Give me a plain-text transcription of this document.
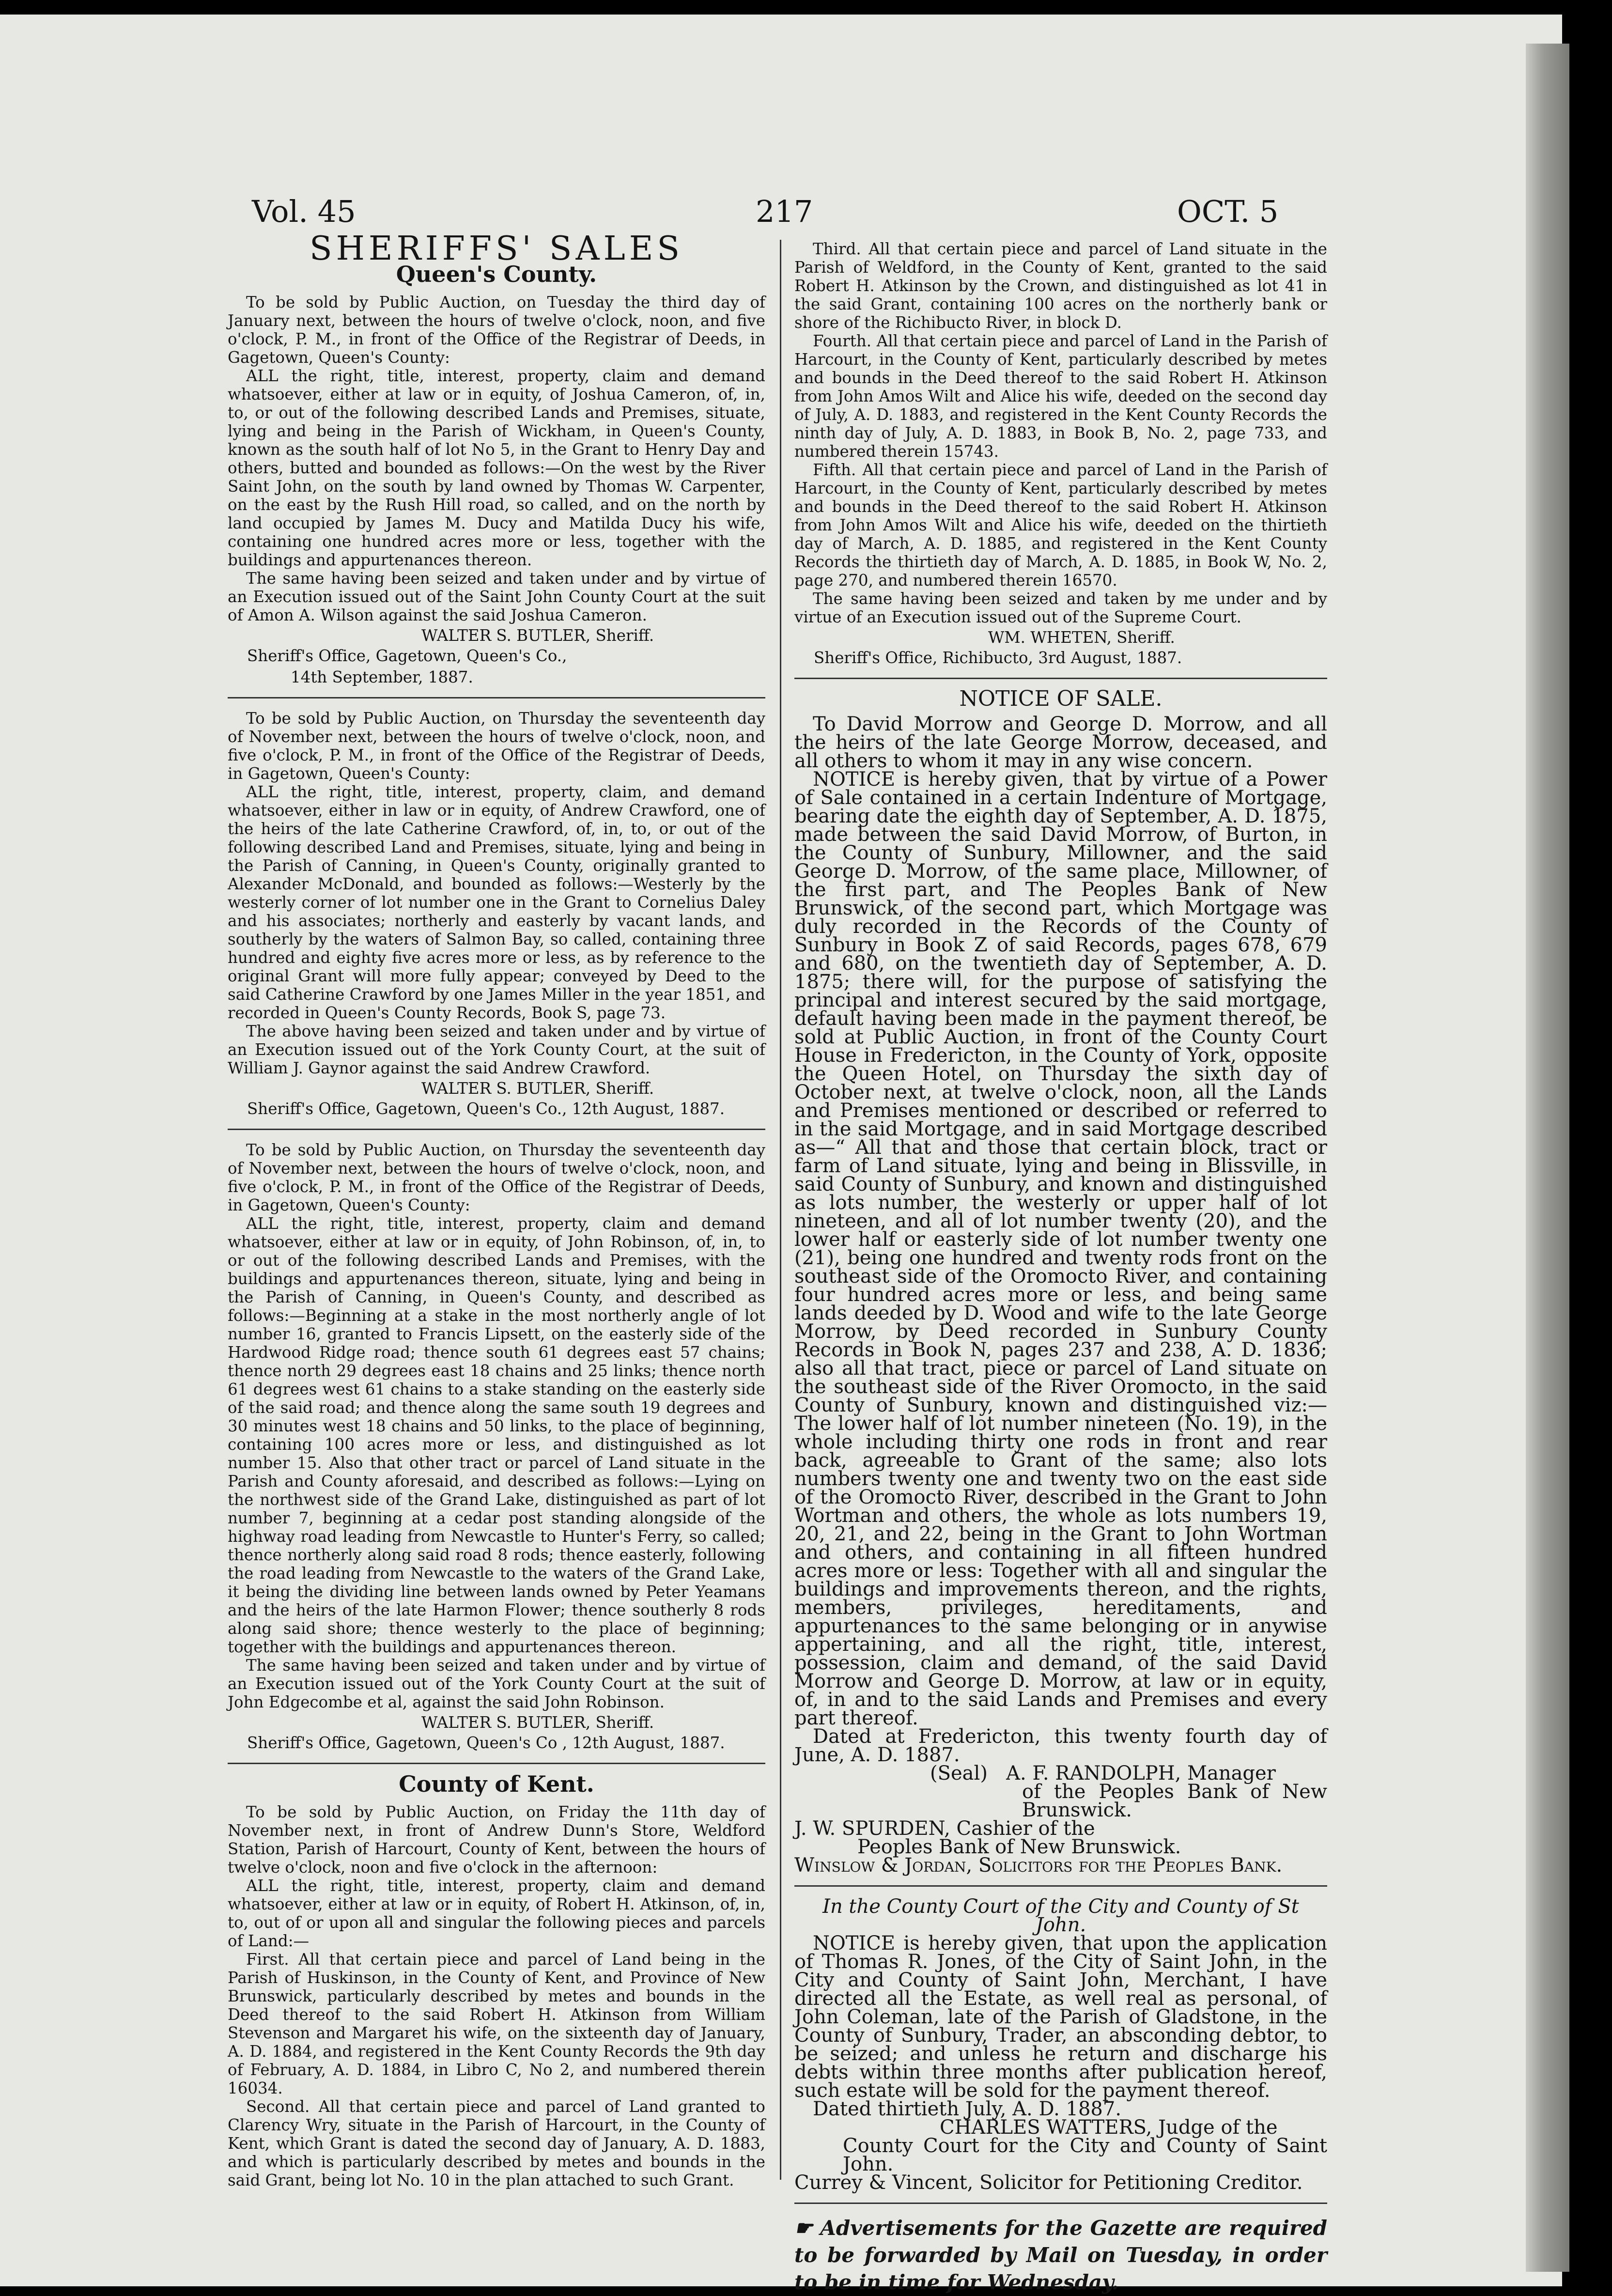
Vol. 45	217	OCT. 5
SHERIFFS' SALES
Queen's County.

To be sold by Public Auction, on Tuesday the third day of January next, between the hours of twelve o'clock, noon, and five o'clock, P. M., in front of the Office of the Registrar of Deeds, in Gagetown, Queen's County:

ALL the right, title, interest, property, claim and demand whatsoever, either at law or in equity, of Joshua Cameron, of, in, to, or out of the following described Lands and Premises, situate, lying and being in the Parish of Wickham, in Queen's County, known as the south half of lot No 5, in the Grant to Henry Day and others, butted and bounded as follows:—On the west by the River Saint John, on the south by land owned by Thomas W. Carpenter, on the east by the Rush Hill road, so called, and on the north by land occupied by James M. Ducy and Matilda Ducy his wife, containing one hundred acres more or less, together with the buildings and appurtenances thereon.

The same having been seized and taken under and by virtue of an Execution issued out of the Saint John County Court at the suit of Amon A. Wilson against the said Joshua Cameron.

WALTER S. BUTLER, Sheriff.
Sheriff's Office, Gagetown, Queen's Co.,
14th September, 1887.

To be sold by Public Auction, on Thursday the seventeenth day of November next, between the hours of twelve o'clock, noon, and five o'clock, P. M., in front of the Office of the Registrar of Deeds, in Gagetown, Queen's County:

ALL the right, title, interest, property, claim, and demand whatsoever, either in law or in equity, of Andrew Crawford, one of the heirs of the late Catherine Crawford, of, in, to, or out of the following described Land and Premises, situate, lying and being in the Parish of Canning, in Queen's County, originally granted to Alexander McDonald, and bounded as follows:—Westerly by the westerly corner of lot number one in the Grant to Cornelius Daley and his associates; northerly and easterly by vacant lands, and southerly by the waters of Salmon Bay, so called, containing three hundred and eighty five acres more or less, as by reference to the original Grant will more fully appear; conveyed by Deed to the said Catherine Crawford by one James Miller in the year 1851, and recorded in Queen's County Records, Book S, page 73.

The above having been seized and taken under and by virtue of an Execution issued out of the York County Court, at the suit of William J. Gaynor against the said Andrew Crawford.

WALTER S. BUTLER, Sheriff.
Sheriff's Office, Gagetown, Queen's Co., 12th August, 1887.

To be sold by Public Auction, on Thursday the seventeenth day of November next, between the hours of twelve o'clock, noon, and five o'clock, P. M., in front of the Office of the Registrar of Deeds, in Gagetown, Queen's County:

ALL the right, title, interest, property, claim and demand whatsoever, either at law or in equity, of John Robinson, of, in, to or out of the following described Lands and Premises, with the buildings and appurtenances thereon, situate, lying and being in the Parish of Canning, in Queen's County, and described as follows:—Beginning at a stake in the most northerly angle of lot number 16, granted to Francis Lipsett, on the easterly side of the Hardwood Ridge road; thence south 61 degrees east 57 chains; thence north 29 degrees east 18 chains and 25 links; thence north 61 degrees west 61 chains to a stake standing on the easterly side of the said road; and thence along the same south 19 degrees and 30 minutes west 18 chains and 50 links, to the place of beginning, containing 100 acres more or less, and distinguished as lot number 15. Also that other tract or parcel of Land situate in the Parish and County aforesaid, and described as follows:—Lying on the northwest side of the Grand Lake, distinguished as part of lot number 7, beginning at a cedar post standing alongside of the highway road leading from Newcastle to Hunter's Ferry, so called; thence northerly along said road 8 rods; thence easterly, following the road leading from Newcastle to the waters of the Grand Lake, it being the dividing line between lands owned by Peter Yeamans and the heirs of the late Harmon Flower; thence southerly 8 rods along said shore; thence westerly to the place of beginning; together with the buildings and appurtenances thereon.

The same having been seized and taken under and by virtue of an Execution issued out of the York County Court at the suit of John Edgecombe et al, against the said John Robinson.

WALTER S. BUTLER, Sheriff.
Sheriff's Office, Gagetown, Queen's Co , 12th August, 1887.
County of Kent.

To be sold by Public Auction, on Friday the 11th day of November next, in front of Andrew Dunn's Store, Weldford Station, Parish of Harcourt, County of Kent, between the hours of twelve o'clock, noon and five o'clock in the afternoon:

ALL the right, title, interest, property, claim and demand whatsoever, either at law or in equity, of Robert H. Atkinson, of, in, to, out of or upon all and singular the following pieces and parcels of Land:—

First. All that certain piece and parcel of Land being in the Parish of Huskinson, in the County of Kent, and Province of New Brunswick, particularly described by metes and bounds in the Deed thereof to the said Robert H. Atkinson from William Stevenson and Margaret his wife, on the sixteenth day of January, A. D. 1884, and registered in the Kent County Records the 9th day of February, A. D. 1884, in Libro C, No 2, and numbered therein 16034.

Second. All that certain piece and parcel of Land granted to Clarency Wry, situate in the Parish of Harcourt, in the County of Kent, which Grant is dated the second day of January, A. D. 1883, and which is particularly described by metes and bounds in the said Grant, being lot No. 10 in the plan attached to such Grant.

Third. All that certain piece and parcel of Land situate in the Parish of Weldford, in the County of Kent, granted to the said Robert H. Atkinson by the Crown, and distinguished as lot 41 in the said Grant, containing 100 acres on the northerly bank or shore of the Richibucto River, in block D.

Fourth. All that certain piece and parcel of Land in the Parish of Harcourt, in the County of Kent, particularly described by metes and bounds in the Deed thereof to the said Robert H. Atkinson from John Amos Wilt and Alice his wife, deeded on the second day of July, A. D. 1883, and registered in the Kent County Records the ninth day of July, A. D. 1883, in Book B, No. 2, page 733, and numbered therein 15743.

Fifth. All that certain piece and parcel of Land in the Parish of Harcourt, in the County of Kent, particularly described by metes and bounds in the Deed thereof to the said Robert H. Atkinson from John Amos Wilt and Alice his wife, deeded on the thirtieth day of March, A. D. 1885, and registered in the Kent County Records the thirtieth day of March, A. D. 1885, in Book W, No. 2, page 270, and numbered therein 16570.

The same having been seized and taken by me under and by virtue of an Execution issued out of the Supreme Court.

WM. WHETEN, Sheriff.
Sheriff's Office, Richibucto, 3rd August, 1887.
NOTICE OF SALE.

To David Morrow and George D. Morrow, and all the heirs of the late George Morrow, deceased, and all others to whom it may in any wise concern.

NOTICE is hereby given, that by virtue of a Power of Sale contained in a certain Indenture of Mortgage, bearing date the eighth day of September, A. D. 1875, made between the said David Morrow, of Burton, in the County of Sunbury, Millowner, and the said George D. Morrow, of the same place, Millowner, of the first part, and The Peoples Bank of New Brunswick, of the second part, which Mortgage was duly recorded in the Records of the County of Sunbury in Book Z of said Records, pages 678, 679 and 680, on the twentieth day of September, A. D. 1875; there will, for the purpose of satisfying the principal and interest secured by the said mortgage, default having been made in the payment thereof, be sold at Public Auction, in front of the County Court House in Fredericton, in the County of York, opposite the Queen Hotel, on Thursday the sixth day of October next, at twelve o'clock, noon, all the Lands and Premises mentioned or described or referred to in the said Mortgage, and in said Mortgage described as—“ All that and those that certain block, tract or farm of Land situate, lying and being in Blissville, in said County of Sunbury, and known and distinguished as lots number, the westerly or upper half of lot nineteen, and all of lot number twenty (20), and the lower half or easterly side of lot number twenty one (21), being one hundred and twenty rods front on the southeast side of the Oromocto River, and containing four hundred acres more or less, and being same lands deeded by D. Wood and wife to the late George Morrow, by Deed recorded in Sunbury County Records in Book N, pages 237 and 238, A. D. 1836; also all that tract, piece or parcel of Land situate on the southeast side of the River Oromocto, in the said County of Sunbury, known and distinguished viz:—The lower half of lot number nineteen (No. 19), in the whole including thirty one rods in front and rear back, agreeable to Grant of the same; also lots numbers twenty one and twenty two on the east side of the Oromocto River, described in the Grant to John Wortman and others, the whole as lots numbers 19, 20, 21, and 22, being in the Grant to John Wortman and others, and containing in all fifteen hundred acres more or less: Together with all and singular the buildings and improvements thereon, and the rights, members, privileges, hereditaments, and appurtenances to the same belonging or in anywise appertaining, and all the right, title, interest, possession, claim and demand, of the said David Morrow and George D. Morrow, at law or in equity, of, in and to the said Lands and Premises and every part thereof.

Dated at Fredericton, this twenty fourth day of June, A. D. 1887.

(Seal) A. F. RANDOLPH, Manager
of the Peoples Bank of New Brunswick.
J. W. SPURDEN, Cashier of the
Peoples Bank of New Brunswick.
Winslow & Jordan, Solicitors for the Peoples Bank.
In the County Court of the City and County of St John.

NOTICE is hereby given, that upon the application of Thomas R. Jones, of the City of Saint John, in the City and County of Saint John, Merchant, I have directed all the Estate, as well real as personal, of John Coleman, late of the Parish of Gladstone, in the County of Sunbury, Trader, an absconding debtor, to be seized; and unless he return and discharge his debts within three months after publication hereof, such estate will be sold for the payment thereof.

Dated thirtieth July, A. D. 1887.

CHARLES WATTERS, Judge of the
County Court for the City and County of Saint John.
Currey & Vincent, Solicitor for Petitioning Creditor.
☛ Advertisements for the Gazette are required to be forwarded by Mail on Tuesday, in order to be in time for Wednesday.
